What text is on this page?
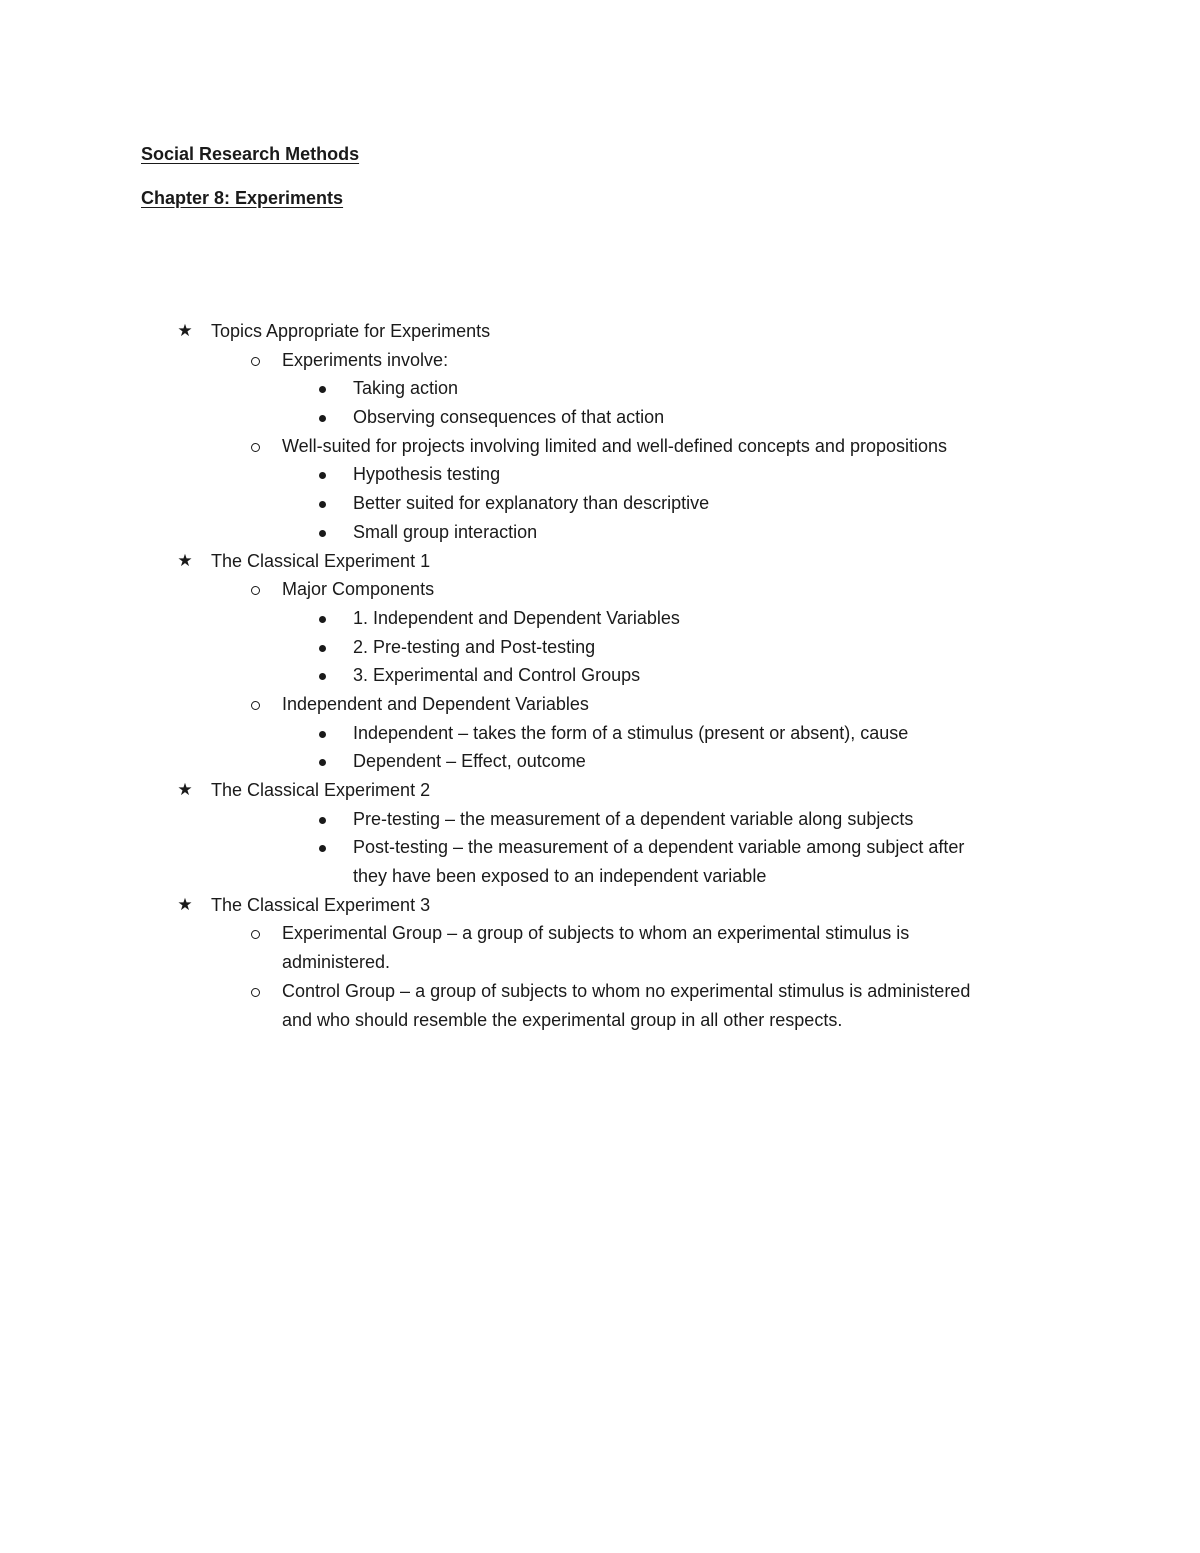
Social Research Methods
Chapter 8: Experiments
★ Topics Appropriate for Experiments
Experiments involve:
Taking action
Observing consequences of that action
Well-suited for projects involving limited and well-defined concepts and propositions
Hypothesis testing
Better suited for explanatory than descriptive
Small group interaction
★ The Classical Experiment 1
Major Components
1. Independent and Dependent Variables
2. Pre-testing and Post-testing
3. Experimental and Control Groups
Independent and Dependent Variables
Independent – takes the form of a stimulus (present or absent), cause
Dependent – Effect, outcome
★ The Classical Experiment 2
Pre-testing – the measurement of a dependent variable along subjects
Post-testing – the measurement of a dependent variable among subject after
they have been exposed to an independent variable
★ The Classical Experiment 3
Experimental Group – a group of subjects to whom an experimental stimulus is
administered.
Control Group – a group of subjects to whom no experimental stimulus is administered
and who should resemble the experimental group in all other respects.
